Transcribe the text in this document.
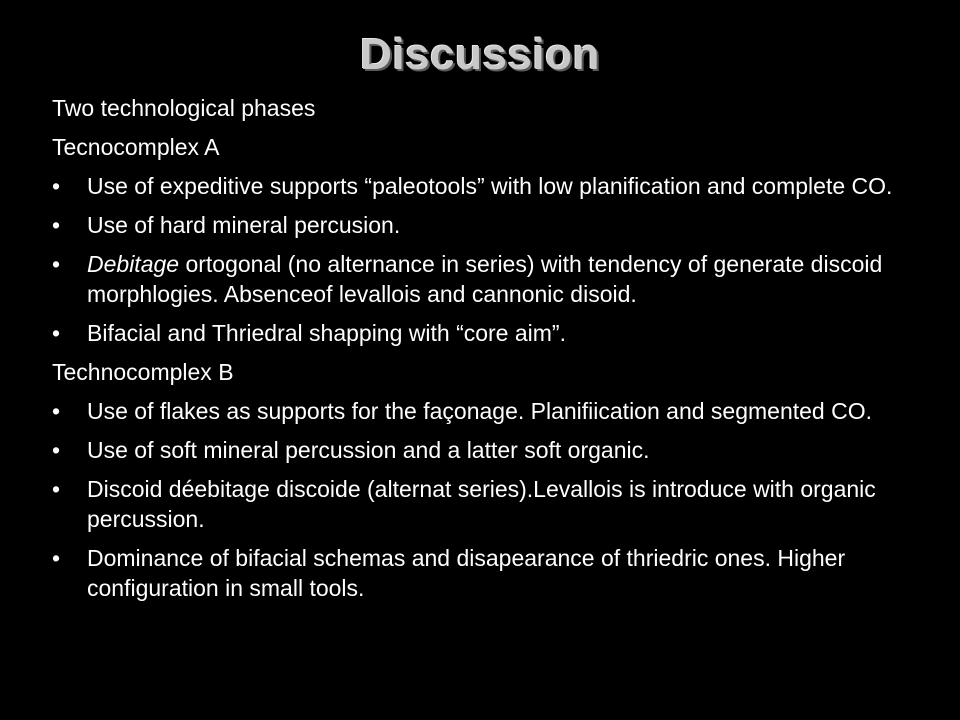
Discussion
Two technological phases
Tecnocomplex A
•	Use of expeditive supports “paleotools” with low planification and complete CO.
•	Use of hard mineral percusion.
•	Debitage ortogonal (no alternance in series) with tendency of generate discoid morphlogies. Absenceof levallois and cannonic disoid.
•	Bifacial and Thriedral shapping with “core aim”.
Technocomplex B
•	Use of flakes as supports for the façonage. Planifiication and segmented CO.
•	Use of soft mineral percussion and a latter soft organic.
•	Discoid déebitage discoide (alternat series).Levallois is introduce with organic percussion.
•	Dominance of bifacial schemas and disapearance of thriedric ones. Higher configuration in small tools.
